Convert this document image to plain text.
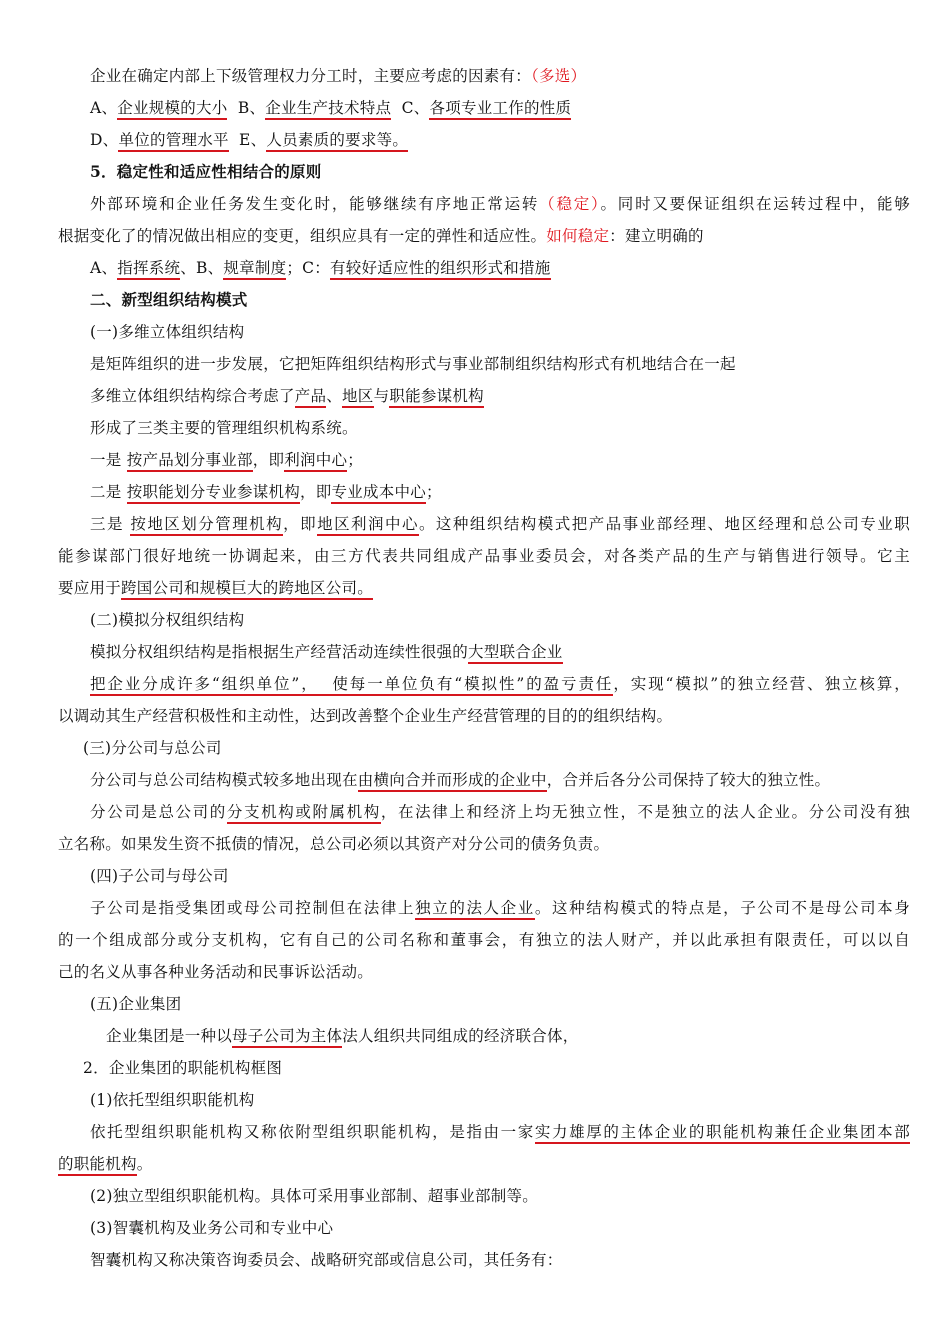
企业在确定内部上下级管理权力分工时，主要应考虑的因素有：（多选）
A、企业规模的大小  B、企业生产技术特点  C、各项专业工作的性质
D、单位的管理水平  E、人员素质的要求等。
5．稳定性和适应性相结合的原则
外部环境和企业任务发生变化时，能够继续有序地正常运转（稳定）。同时又要保证组织在运转过程中，能够
根据变化了的情况做出相应的变更，组织应具有一定的弹性和适应性。如何稳定：建立明确的
A、指挥系统、B、规章制度；C：有较好适应性的组织形式和措施
二、新型组织结构模式
(一)多维立体组织结构
是矩阵组织的进一步发展，它把矩阵组织结构形式与事业部制组织结构形式有机地结合在一起
多维立体组织结构综合考虑了产品、地区与职能参谋机构
形成了三类主要的管理组织机构系统。
一是 按产品划分事业部，即利润中心；
二是 按职能划分专业参谋机构，即专业成本中心；
三是 按地区划分管理机构，即地区利润中心。这种组织结构模式把产品事业部经理、地区经理和总公司专业职
能参谋部门很好地统一协调起来，由三方代表共同组成产品事业委员会，对各类产品的生产与销售进行领导。它主
要应用于跨国公司和规模巨大的跨地区公司。
(二)模拟分权组织结构
模拟分权组织结构是指根据生产经营活动连续性很强的大型联合企业
把企业分成许多“组织单位”，  使每一单位负有“模拟性”的盈亏责任，实现“模拟”的独立经营、独立核算，
以调动其生产经营积极性和主动性，达到改善整个企业生产经营管理的目的的组织结构。
(三)分公司与总公司
分公司与总公司结构模式较多地出现在由横向合并而形成的企业中，合并后各分公司保持了较大的独立性。
分公司是总公司的分支机构或附属机构，在法律上和经济上均无独立性，不是独立的法人企业。分公司没有独
立名称。如果发生资不抵债的情况，总公司必须以其资产对分公司的债务负责。
(四)子公司与母公司
子公司是指受集团或母公司控制但在法律上独立的法人企业。这种结构模式的特点是，子公司不是母公司本身
的一个组成部分或分支机构，它有自己的公司名称和董事会，有独立的法人财产，并以此承担有限责任，可以以自
己的名义从事各种业务活动和民事诉讼活动。
(五)企业集团
企业集团是一种以母子公司为主体法人组织共同组成的经济联合体，
2．企业集团的职能机构框图
(1)依托型组织职能机构
依托型组织职能机构又称依附型组织职能机构，是指由一家实力雄厚的主体企业的职能机构兼任企业集团本部
的职能机构。
(2)独立型组织职能机构。具体可采用事业部制、超事业部制等。
(3)智囊机构及业务公司和专业中心
智囊机构又称决策咨询委员会、战略研究部或信息公司，其任务有：
